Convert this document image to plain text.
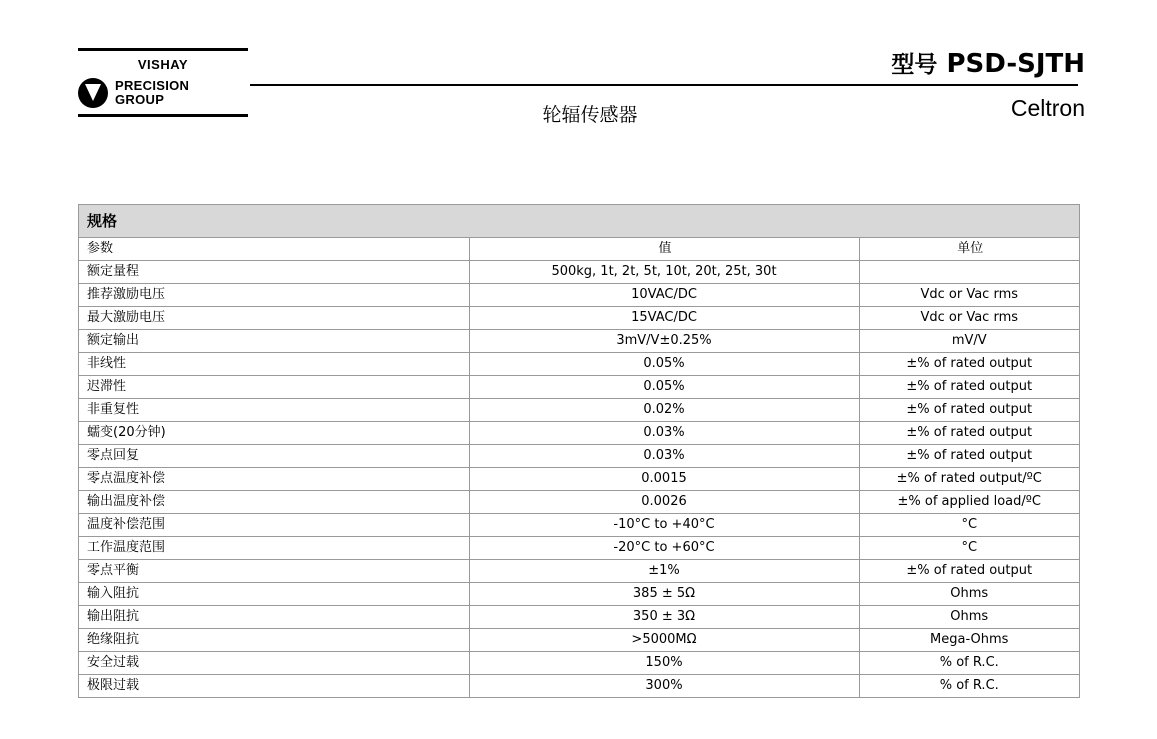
VISHAY
PRECISION
GROUP
轮辐传感器
型号 PSD-SJTH
Celtron
规格
参数	值	单位
额定量程	500kg, 1t, 2t, 5t, 10t, 20t, 25t, 30t	
推荐激励电压	10VAC/DC	Vdc or Vac rms
最大激励电压	15VAC/DC	Vdc or Vac rms
额定输出	3mV/V±0.25%	mV/V
非线性	0.05%	±% of rated output
迟滞性	0.05%	±% of rated output
非重复性	0.02%	±% of rated output
蠕变(20分钟)	0.03%	±% of rated output
零点回复	0.03%	±% of rated output
零点温度补偿	0.0015	±% of rated output/ºC
输出温度补偿	0.0026	±% of applied load/ºC
温度补偿范围	-10°C to +40°C	°C
工作温度范围	-20°C to +60°C	°C
零点平衡	±1%	±% of rated output
输入阻抗	385 ± 5Ω	Ohms
输出阻抗	350 ± 3Ω	Ohms
绝缘阻抗	>5000MΩ	Mega-Ohms
安全过载	150%	% of R.C.
极限过载	300%	% of R.C.
